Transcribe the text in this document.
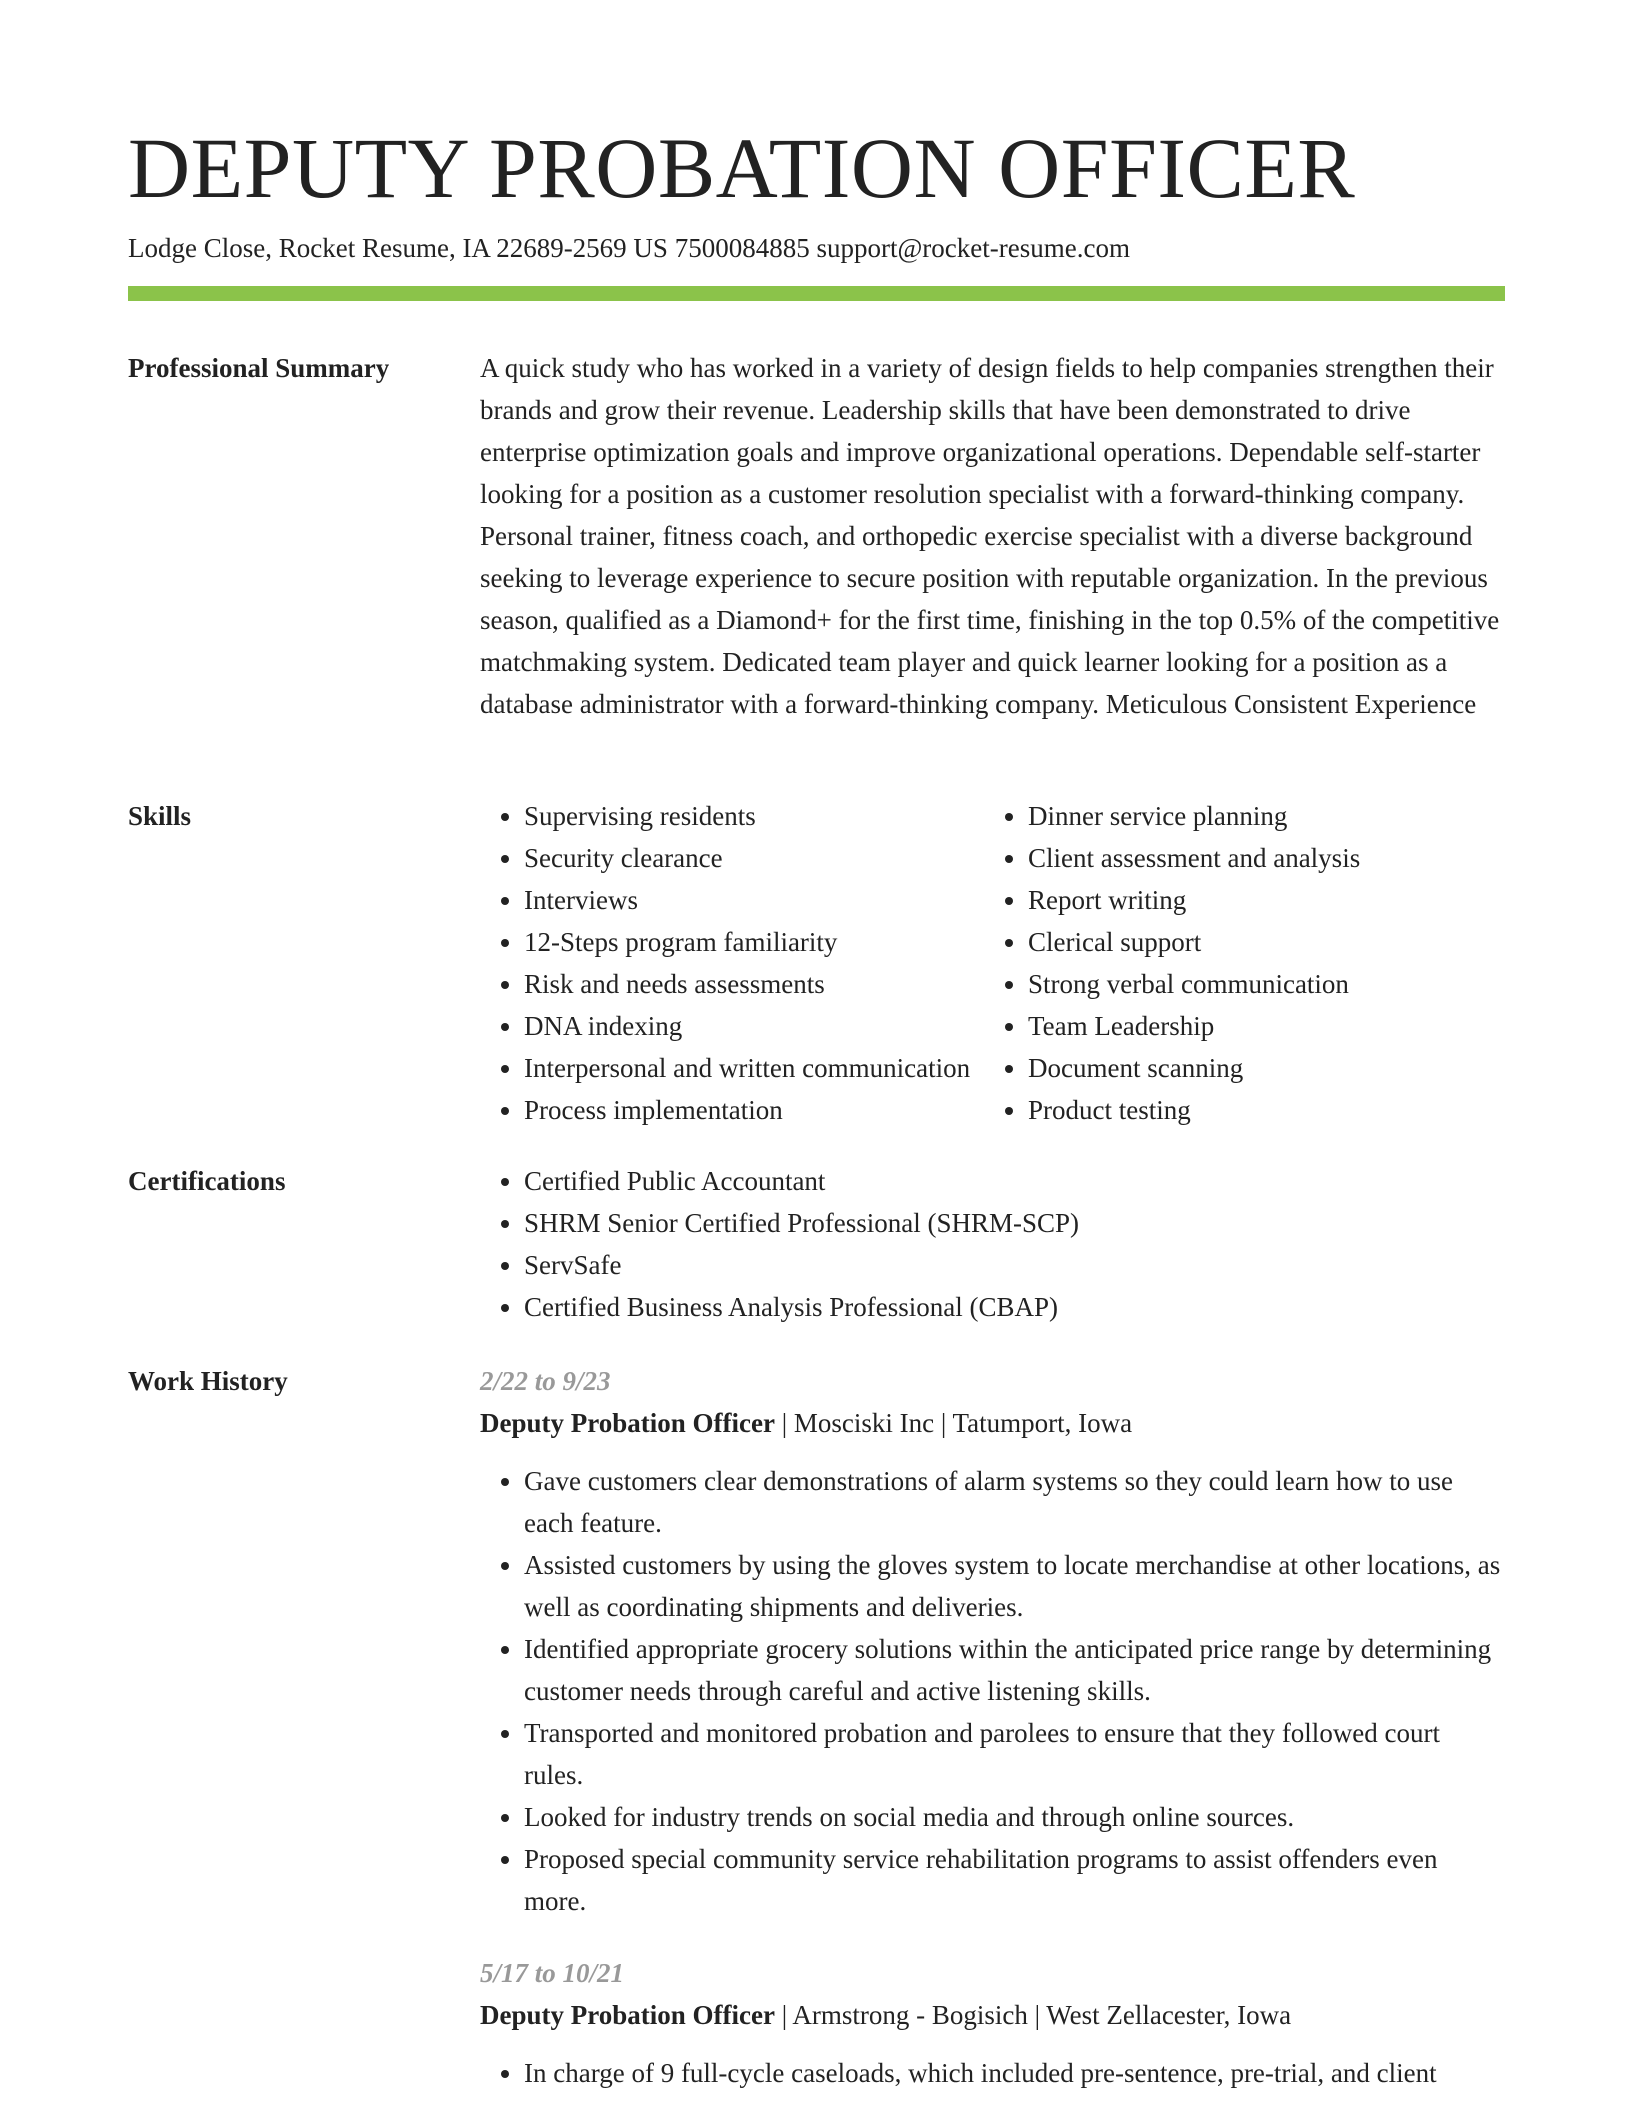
DEPUTY PROBATION OFFICER
Lodge Close, Rocket Resume, IA 22689-2569 US 7500084885 support@rocket-resume.com
Professional Summary	A quick study who has worked in a variety of design fields to help companies strengthen their brands and grow their revenue. Leadership skills that have been demonstrated to drive enterprise optimization goals and improve organizational operations. Dependable self-starter looking for a position as a customer resolution specialist with a forward-thinking company. Personal trainer, fitness coach, and orthopedic exercise specialist with a diverse background seeking to leverage experience to secure position with reputable organization. In the previous season, qualified as a Diamond+ for the first time, finishing in the top 0.5% of the competitive matchmaking system. Dedicated team player and quick learner looking for a position as a database administrator with a forward-thinking company. Meticulous Consistent Experience

Skills	• Supervising residents
• Security clearance
• Interviews
• 12-Steps program familiarity
• Risk and needs assessments
• DNA indexing
• Interpersonal and written communication
• Process implementation
• Dinner service planning
• Client assessment and analysis
• Report writing
• Clerical support
• Strong verbal communication
• Team Leadership
• Document scanning
• Product testing
Certifications	• Certified Public Accountant
• SHRM Senior Certified Professional (SHRM-SCP)
• ServSafe
• Certified Business Analysis Professional (CBAP)
Work History	2/22 to 9/23
Deputy Probation Officer | Mosciski Inc | Tatumport, Iowa
• Gave customers clear demonstrations of alarm systems so they could learn how to use each feature.
• Assisted customers by using the gloves system to locate merchandise at other locations, as well as coordinating shipments and deliveries.
• Identified appropriate grocery solutions within the anticipated price range by determining customer needs through careful and active listening skills.
• Transported and monitored probation and parolees to ensure that they followed court rules.
• Looked for industry trends on social media and through online sources.
• Proposed special community service rehabilitation programs to assist offenders even more.
5/17 to 10/21
Deputy Probation Officer | Armstrong - Bogisich | West Zellacester, Iowa
• In charge of 9 full-cycle caseloads, which included pre-sentence, pre-trial, and client
